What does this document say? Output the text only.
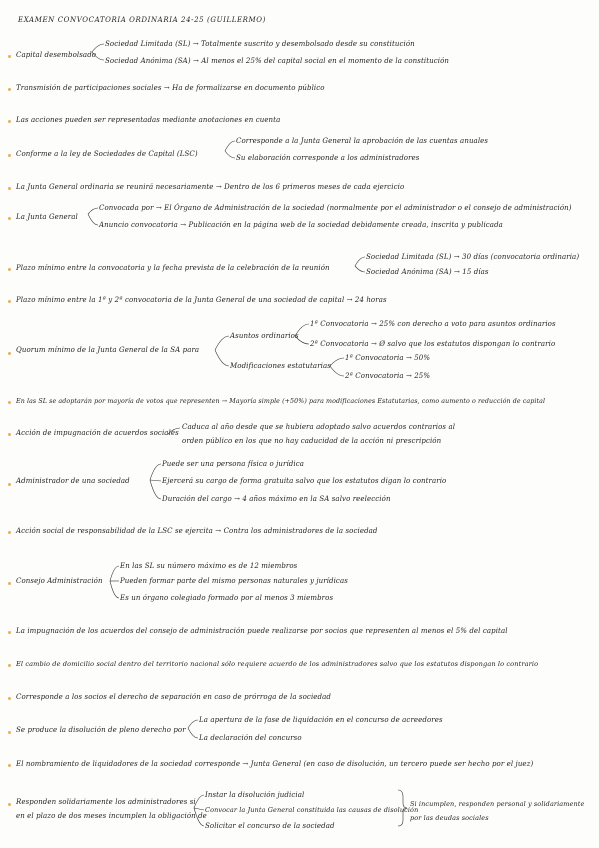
EXAMEN CONVOCATORIA ORDINARIA 24-25 (GUILLERMO)
Capital desembolsado
Sociedad Limitada (SL) → Totalmente suscrito y desembolsado desde su constitución
Sociedad Anónima (SA) → Al menos el 25% del capital social en el momento de la constitución
Transmisión de participaciones sociales → Ha de formalizarse en documento público
Las acciones pueden ser representadas mediante anotaciones en cuenta
Conforme a la ley de Sociedades de Capital (LSC)
Corresponde a la Junta General la aprobación de las cuentas anuales
Su elaboración corresponde a los administradores
La Junta General ordinaria se reunirá necesariamente → Dentro de los 6 primeros meses de cada ejercicio
La Junta General
Convocada por → El Órgano de Administración de la sociedad (normalmente por el administrador o el consejo de administración)
Anuncio convocatoria → Publicación en la página web de la sociedad debidamente creada, inscrita y publicada
Plazo mínimo entre la convocatoria y la fecha prevista de la celebración de la reunión
Sociedad Limitada (SL) → 30 días (convocatoria ordinaria)
Sociedad Anónima (SA) → 15 días
Plazo mínimo entre la 1ª y 2ª convocatoria de la Junta General de una sociedad de capital → 24 horas
Quorum mínimo de la Junta General de la SA para
Asuntos ordinarios
1ª Convocatoria → 25% con derecho a voto para asuntos ordinarios
2ª Convocatoria → Ø salvo que los estatutos dispongan lo contrario
Modificaciones estatutarias
1ª Convocatoria → 50%
2ª Convocatoria → 25%
En las SL se adoptarán por mayoría de votos que representen → Mayoría simple (+50%) para modificaciones Estatutarias, como aumento o reducción de capital
Acción de impugnación de acuerdos sociales
Caduca al año desde que se hubiera adoptado salvo acuerdos contrarios al
orden público en los que no hay caducidad de la acción ni prescripción
Administrador de una sociedad
Puede ser una persona física o jurídica
Ejercerá su cargo de forma gratuita salvo que los estatutos digan lo contrario
Duración del cargo → 4 años máximo en la SA salvo reelección
Acción social de responsabilidad de la LSC se ejercita → Contra los administradores de la sociedad
Consejo Administración
En las SL su número máximo es de 12 miembros
Pueden formar parte del mismo personas naturales y jurídicas
Es un órgano colegiado formado por al menos 3 miembros
La impugnación de los acuerdos del consejo de administración puede realizarse por socios que representen al menos el 5% del capital
El cambio de domicilio social dentro del territorio nacional sólo requiere acuerdo de los administradores salvo que los estatutos dispongan lo contrario
Corresponde a los socios el derecho de separación en caso de prórroga de la sociedad
Se produce la disolución de pleno derecho por
La apertura de la fase de liquidación en el concurso de acreedores
La declaración del concurso
El nombramiento de liquidadores de la sociedad corresponde → Junta General (en caso de disolución, un tercero puede ser hecho por el juez)
Responden solidariamente los administradores si
en el plazo de dos meses incumplen la obligación de
Instar la disolución judicial
Convocar la Junta General constituida las causas de disolución
Solicitar el concurso de la sociedad
Si incumplen, responden personal y solidariamente
por las deudas sociales
